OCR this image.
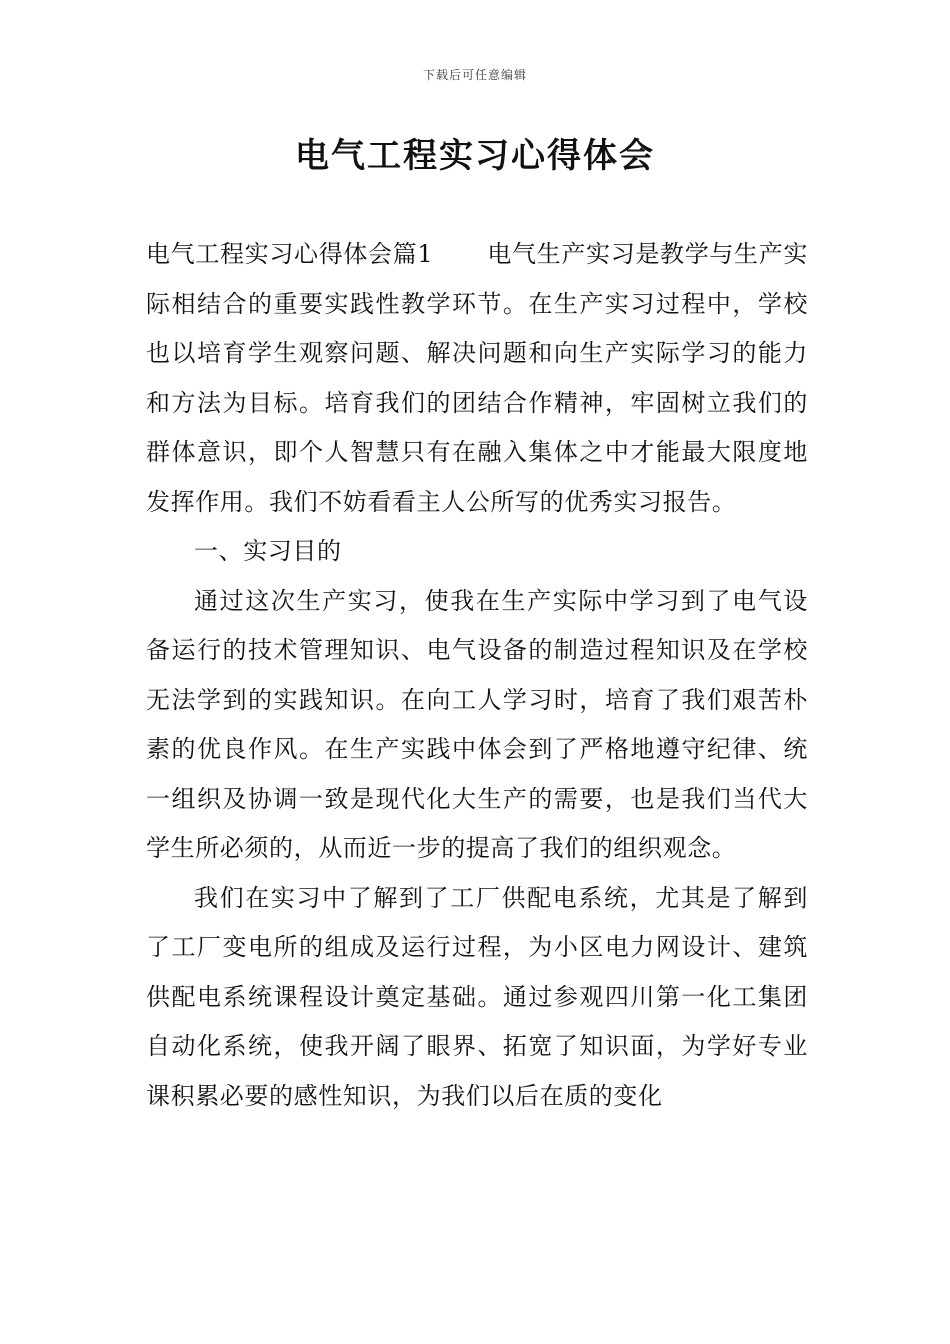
下载后可任意编辑
电气工程实习心得体会

电气工程实习心得体会篇1 电气生产实习是教学与生产实际相结合的重要实践性教学环节。在生产实习过程中，学校也以培育学生观察问题、解决问题和向生产实际学习的能力和方法为目标。培育我们的团结合作精神，牢固树立我们的群体意识，即个人智慧只有在融入集体之中才能最大限度地发挥作用。我们不妨看看主人公所写的优秀实习报告。

一、实习目的

通过这次生产实习，使我在生产实际中学习到了电气设备运行的技术管理知识、电气设备的制造过程知识及在学校无法学到的实践知识。在向工人学习时，培育了我们艰苦朴素的优良作风。在生产实践中体会到了严格地遵守纪律、统一组织及协调一致是现代化大生产的需要，也是我们当代大学生所必须的，从而近一步的提高了我们的组织观念。

我们在实习中了解到了工厂供配电系统，尤其是了解到了工厂变电所的组成及运行过程，为小区电力网设计、建筑供配电系统课程设计奠定基础。通过参观四川第一化工集团自动化系统，使我开阔了眼界、拓宽了知识面，为学好专业课积累必要的感性知识，为我们以后在质的变化
